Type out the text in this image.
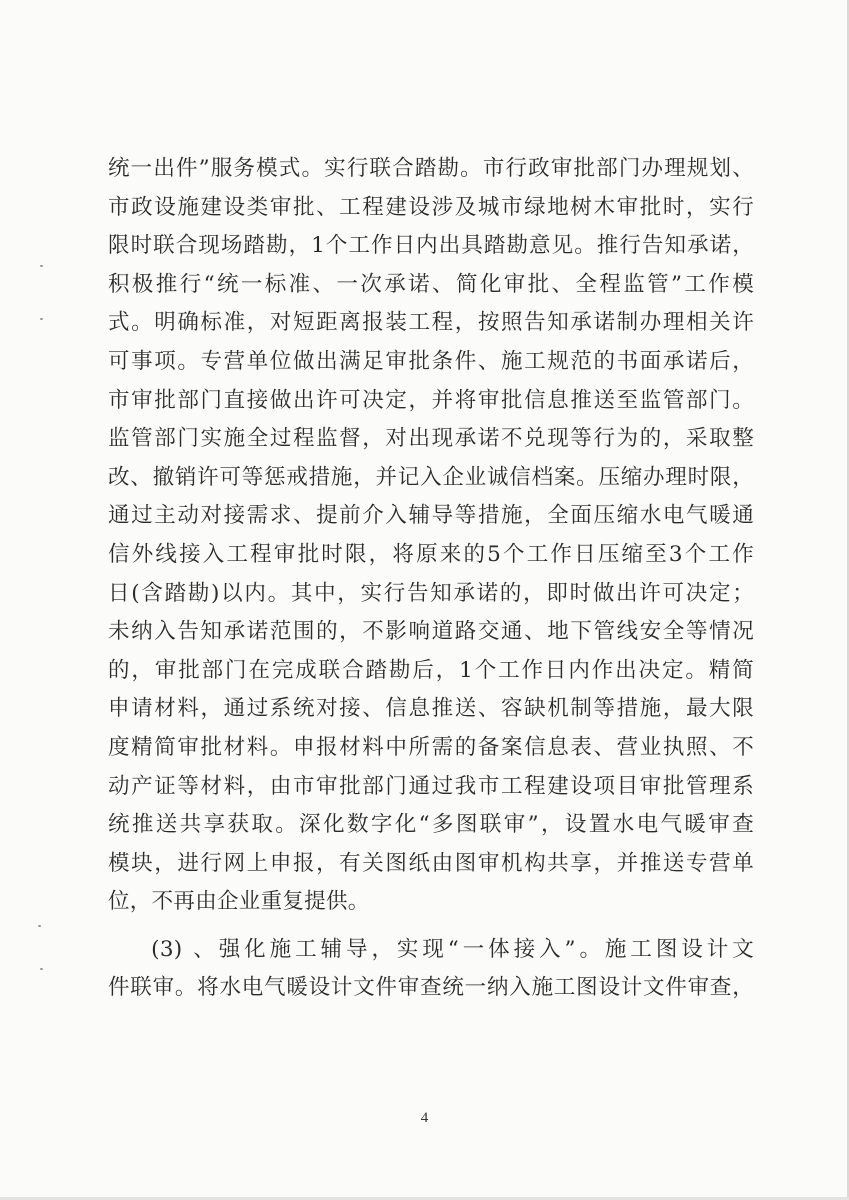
统一出件”服务模式。实行联合踏勘。市行政审批部门办理规划、
市政设施建设类审批、工程建设涉及城市绿地树木审批时，实行
限时联合现场踏勘，1个工作日内出具踏勘意见。推行告知承诺，
积极推行“统一标准、一次承诺、简化审批、全程监管”工作模
式。明确标准，对短距离报装工程，按照告知承诺制办理相关许
可事项。专营单位做出满足审批条件、施工规范的书面承诺后，
市审批部门直接做出许可决定，并将审批信息推送至监管部门。
监管部门实施全过程监督，对出现承诺不兑现等行为的，采取整
改、撤销许可等惩戒措施，并记入企业诚信档案。压缩办理时限，
通过主动对接需求、提前介入辅导等措施，全面压缩水电气暖通
信外线接入工程审批时限，将原来的5个工作日压缩至3个工作
日(含踏勘)以内。其中，实行告知承诺的，即时做出许可决定；
未纳入告知承诺范围的，不影响道路交通、地下管线安全等情况
的，审批部门在完成联合踏勘后，1个工作日内作出决定。精简
申请材料，通过系统对接、信息推送、容缺机制等措施，最大限
度精简审批材料。申报材料中所需的备案信息表、营业执照、不
动产证等材料，由市审批部门通过我市工程建设项目审批管理系
统推送共享获取。深化数字化“多图联审”，设置水电气暖审查
模块，进行网上申报，有关图纸由图审机构共享，并推送专营单
位，不再由企业重复提供。
(3) 、强化施工辅导，实现“一体接入”。施工图设计文
件联审。将水电气暖设计文件审查统一纳入施工图设计文件审查，
4
